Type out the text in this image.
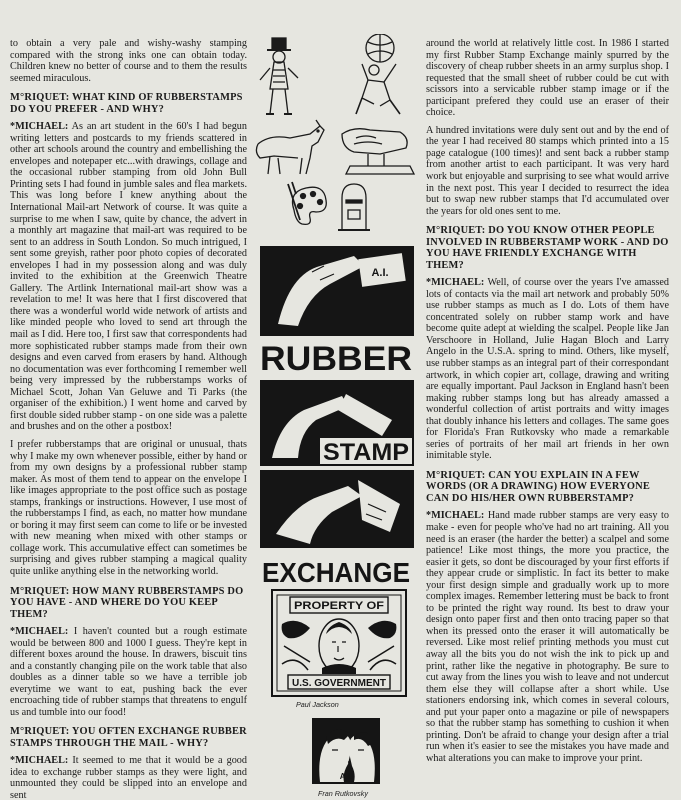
to obtain a very pale and wishy-washy stamping compared with the strong inks one can obtain today. Children knew no better of course and to them the results seemed miraculous.

M°RIQUET: WHAT KIND OF RUBBERSTAMPS DO YOU PREFER - AND WHY?

*MICHAEL: As an art student in the 60's I had begun writing letters and postcards to my friends scattered in other art schools around the country and embellishing the envelopes and notepaper etc...with drawings, collage and the occasional rubber stamping from old John Bull Printing sets I had found in jumble sales and flea markets. This was long before I knew anything about the International Mail-art Network of course. It was quite a surprise to me when I saw, quite by chance, the advert in a monthly art magazine that mail-art was required to be sent to an address in South London. So much intrigued, I sent some greyish, rather poor photo copies of decorated envelopes I had in my possession along and was duly invited to the exhibition at the Greenwich Theatre Gallery. The Artlink International mail-art show was a revelation to me! It was here that I first discovered that there was a wonderful world wide network of artists and like minded people who loved to send art through the mail as I did. Here too, I first saw that correspondents had more sophisticated rubber stamps made from their own designs and even carved from erasers by hand. Although no documentation was ever forthcoming I remember well being very impressed by the rubberstamps works of Michael Scott, Johan Van Geluwe and Ti Parks (the organiser of the exhibition.) I went home and carved by first double sided rubber stamp - on one side was a palette and brushes and on the other a postbox!

I prefer rubberstamps that are original or unusual, thats why I make my own whenever possible, either by hand or from my own designs by a professional rubber stamp maker. As most of them tend to appear on the envelope I like images appropriate to the post office such as postage stamps, frankings or instructions. However, I use most of the rubberstamps I find, as each, no matter how mundane or boring it may first seem can come to life or be invested with new meaning when mixed with other stamps or collage work. This accumulative effect can sometimes be surprising and gives rubber stamping a magical quality quite unlike anything else in the networking world.

M°RIQUET: HOW MANY RUBBERSTAMPS DO YOU HAVE - AND WHERE DO YOU KEEP THEM?

*MICHAEL: I haven't counted but a rough estimate would be between 800 and 1000 I guess. They're kept in different boxes around the house. In drawers, biscuit tins and a constantly changing pile on the work table that also doubles as a dinner table so we have a terrible job everytime we want to eat, pushing back the ever encroaching tide of rubber stamps that threatens to engulf us and tumble into our food!

M°RIQUET: YOU OFTEN EXCHANGE RUBBER STAMPS THROUGH THE MAIL - WHY?

*MICHAEL: It seemed to me that it would be a good idea to exchange rubber stamps as they were light, and unmounted they could be slipped into an envelope and sent

A.I.
RUBBER
STAMP
EXCHANGE
PROPERTY OF
U.S. GOVERNMENT
Paul Jackson
A.I.
Fran Rutkovsky

around the world at relatively little cost. In 1986 I started my first Rubber Stamp Exchange mainly spurred by the discovery of cheap rubber sheets in an army surplus shop. I requested that the small sheet of rubber could be cut with scissors into a servicable rubber stamp image or if the participant prefered they could use an eraser of their choice.

A hundred invitations were duly sent out and by the end of the year I had received 80 stamps which printed into a 15 page catalogue (100 times)! and sent back a rubber stamp from another artist to each participant. It was very hard work but enjoyable and surprising to see what would arrive in the next post. This year I decided to resurrect the idea but to swap new rubber stamps that I'd accumulated over the years for old ones sent to me.

M°RIQUET: DO YOU KNOW OTHER PEOPLE INVOLVED IN RUBBERSTAMP WORK - AND DO YOU HAVE FRIENDLY EXCHANGE WITH THEM?

*MICHAEL: Well, of course over the years I've amassed lots of contacts via the mail art network and probably 50% use rubber stamps as much as I do. Lots of them have concentrated solely on rubber stamp work and have become quite adept at wielding the scalpel. People like Jan Verschoore in Holland, Julie Hagan Bloch and Larry Angelo in the U.S.A. spring to mind. Others, like myself, use rubber stamps as an integral part of their correspondant artwork, in which copier art, collage, drawing and writing are equally important. Paul Jackson in England hasn't been making rubber stamps long but has already amassed a wonderful collection of artist portraits and witty images that doubly inhance his letters and collages. The same goes for Florida's Fran Rutkovsky who made a remarkable series of portraits of her mail art friends in her own inimitable style.

M°RIQUET: CAN YOU EXPLAIN IN A FEW WORDS (OR A DRAWING) HOW EVERYONE CAN DO HIS/HER OWN RUBBERSTAMP?

*MICHAEL: Hand made rubber stamps are very easy to make - even for people who've had no art training. All you need is an eraser (the harder the better) a scalpel and some patience! Like most things, the more you practice, the easier it gets, so dont be discouraged by your first efforts if they appear crude or simplistic. In fact its better to make your first design simple and gradually work up to more complex images. Remember lettering must be back to front to be printed the right way round. Its best to draw your design onto paper first and then onto tracing paper so that when its pressed onto the eraser it will automatically be reversed. Like most relief printing methods you must cut away all the bits you do not wish the ink to pick up and print, rather like the negative in photography. Be sure to cut away from the lines you wish to leave and not undercut them else they will collapse after a short while. Use stationers endorsing ink, which comes in several colours, and put your paper onto a magazine or pile of newspapers so that the rubber stamp has something to cushion it when printing. Don't be afraid to change your design after a trial run when it's easier to see the mistakes you have made and what alterations you can make to improve your print.
